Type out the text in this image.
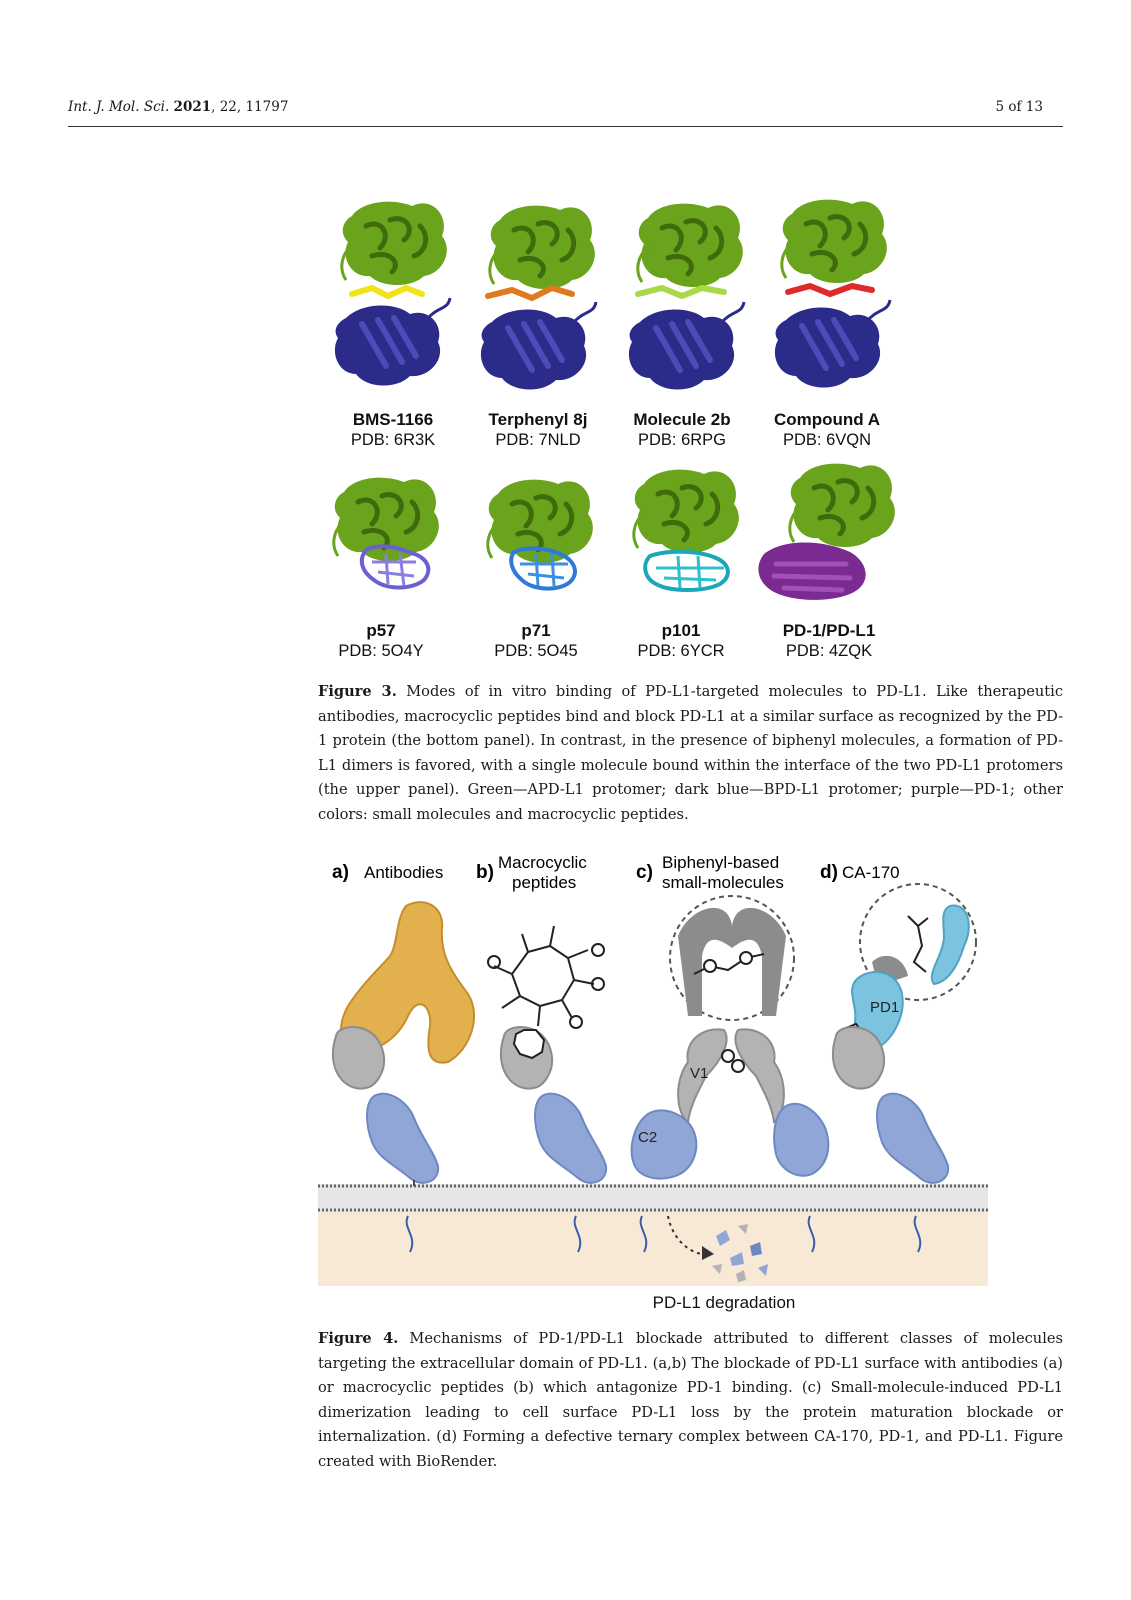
Int. J. Mol. Sci. 2021, 22, 11797	5 of 13
BMS-1166
PDB: 6R3K
Terphenyl 8j
PDB: 7NLD
Molecule 2b
PDB: 6RPG
Compound A
PDB: 6VQN
p57
PDB: 5O4Y
p71
PDB: 5O45
p101
PDB: 6YCR
PD-1/PD-L1
PDB: 4ZQK
Figure 3. Modes of in vitro binding of PD-L1-targeted molecules to PD-L1. Like therapeutic antibodies, macrocyclic peptides bind and block PD-L1 at a similar surface as recognized by the PD-1 protein (the bottom panel). In contrast, in the presence of biphenyl molecules, a formation of PD-L1 dimers is favored, with a single molecule bound within the interface of the two PD-L1 protomers (the upper panel). Green—APD-L1 protomer; dark blue—BPD-L1 protomer; purple—PD-1; other colors: small molecules and macrocyclic peptides.
a) Antibodies b) Macrocyclic
peptides	c) Biphenyl-based
small-molecules d) CA-170
PD1
V1
C2
PD-L1 degradation
Figure 4. Mechanisms of PD-1/PD-L1 blockade attributed to different classes of molecules targeting the extracellular domain of PD-L1. (a,b) The blockade of PD-L1 surface with antibodies (a) or macrocyclic peptides (b) which antagonize PD-1 binding. (c) Small-molecule-induced PD-L1 dimerization leading to cell surface PD-L1 loss by the protein maturation blockade or internalization. (d) Forming a defective ternary complex between CA-170, PD-1, and PD-L1. Figure created with BioRender.
